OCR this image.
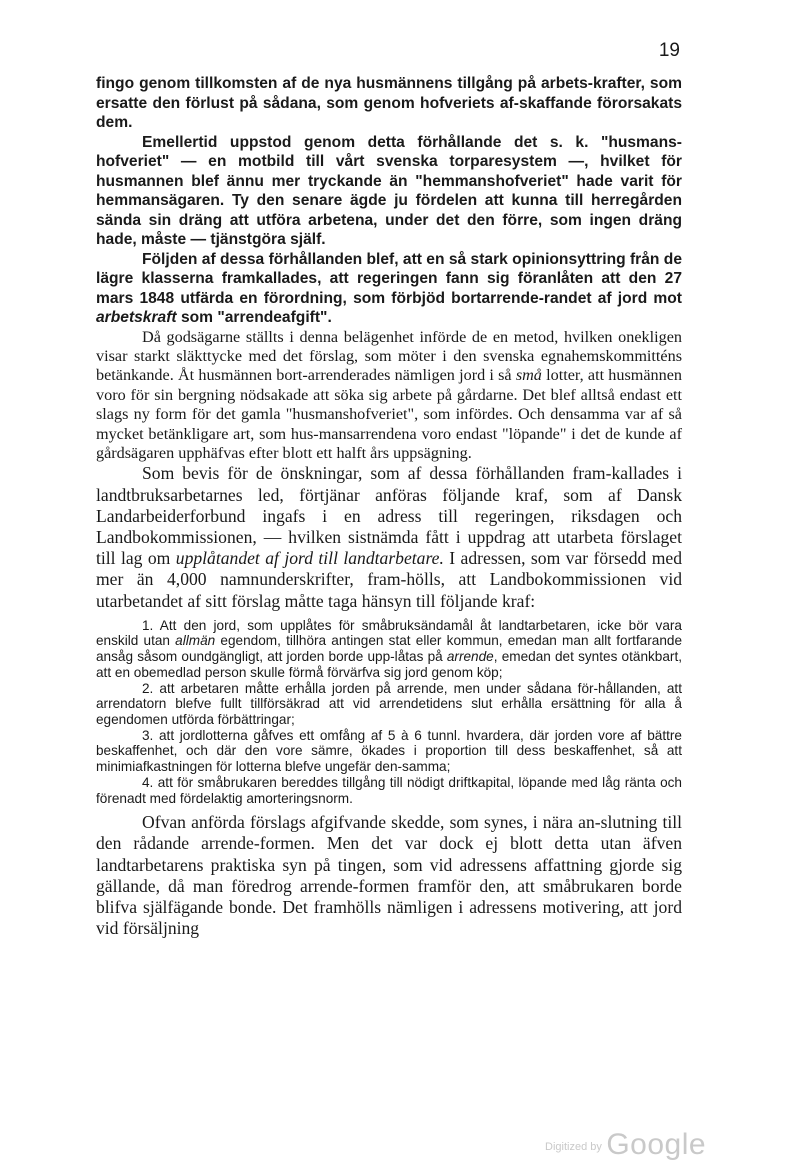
19

fingo genom tillkomsten af de nya husmännens tillgång på arbets-krafter, som ersatte den förlust på sådana, som genom hofveriets af-skaffande förorsakats dem.

Emellertid uppstod genom detta förhållande det s. k. "husmans-hofveriet" — en motbild till vårt svenska torparesystem —, hvilket för husmannen blef ännu mer tryckande än "hemmanshofveriet" hade varit för hemmansägaren. Ty den senare ägde ju fördelen att kunna till herregården sända sin dräng att utföra arbetena, under det den förre, som ingen dräng hade, måste — tjänstgöra själf.

Följden af dessa förhållanden blef, att en så stark opinionsyttring från de lägre klasserna framkallades, att regeringen fann sig föranlåten att den 27 mars 1848 utfärda en förordning, som förbjöd bortarrende-randet af jord mot arbetskraft som "arrendeafgift".

Då godsägarne ställts i denna belägenhet införde de en metod, hvilken onekligen visar starkt släkttycke med det förslag, som möter i den svenska egnahemskommitténs betänkande. Åt husmännen bort-arrenderades nämligen jord i så små lotter, att husmännen voro för sin bergning nödsakade att söka sig arbete på gårdarne. Det blef alltså endast ett slags ny form för det gamla "husmanshofveriet", som infördes. Och densamma var af så mycket betänkligare art, som hus-mansarrendena voro endast "löpande" i det de kunde af gårdsägaren upphäfvas efter blott ett halft års uppsägning.

Som bevis för de önskningar, som af dessa förhållanden fram-kallades i landtbruksarbetarnes led, förtjänar anföras följande kraf, som af Dansk Landarbeiderforbund ingafs i en adress till regeringen, riksdagen och Landbokommissionen, — hvilken sistnämda fått i uppdrag att utarbeta förslaget till lag om upplåtandet af jord till landtarbetare. I adressen, som var försedd med mer än 4,000 namnunderskrifter, fram-hölls, att Landbokommissionen vid utarbetandet af sitt förslag måtte taga hänsyn till följande kraf:

1. Att den jord, som upplåtes för småbruksändamål åt landtarbetaren, icke bör vara enskild utan allmän egendom, tillhöra antingen stat eller kommun, emedan man allt fortfarande ansåg såsom oundgängligt, att jorden borde upp-låtas på arrende, emedan det syntes otänkbart, att en obemedlad person skulle förmå förvärfva sig jord genom köp;

2. att arbetaren måtte erhålla jorden på arrende, men under sådana för-hållanden, att arrendatorn blefve fullt tillförsäkrad att vid arrendetidens slut erhålla ersättning för alla å egendomen utförda förbättringar;

3. att jordlotterna gåfves ett omfång af 5 à 6 tunnl. hvardera, där jorden vore af bättre beskaffenhet, och där den vore sämre, ökades i proportion till dess beskaffenhet, så att minimiafkastningen för lotterna blefve ungefär den-samma;

4. att för småbrukaren bereddes tillgång till nödigt driftkapital, löpande med låg ränta och förenadt med fördelaktig amorteringsnorm.

Ofvan anförda förslags afgifvande skedde, som synes, i nära an-slutning till den rådande arrende-formen. Men det var dock ej blott detta utan äfven landtarbetarens praktiska syn på tingen, som vid adressens affattning gjorde sig gällande, då man föredrog arrende-formen framför den, att småbrukaren borde blifva själfägande bonde. Det framhölls nämligen i adressens motivering, att jord vid försäljning

$^{Digitized by}$ Google
